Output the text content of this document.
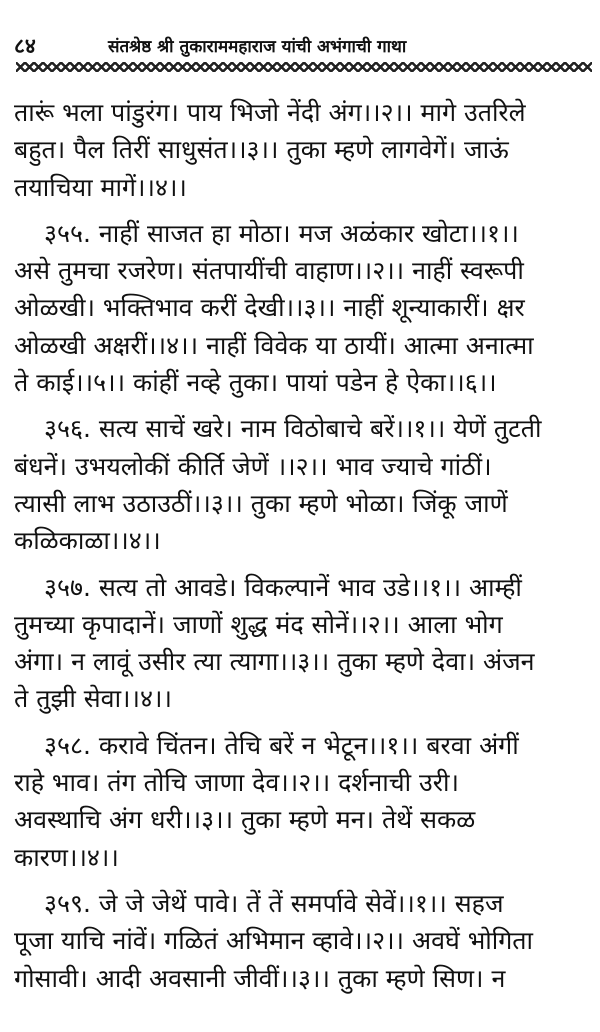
८४	संतश्रेष्ठ श्री तुकाराममहाराज यांची अभंगाची गाथा
तारूं भला पांडुरंग। पाय भिजो नेंदी अंग।।२।। मागे उतरिले
बहुत। पैल तिरीं साधुसंत।।३।। तुका म्हणे लागवेगें। जाऊं
तयाचिया मागें।।४।।
३५५. नाहीं साजत हा मोठा। मज अळंकार खोटा।।१।।
असे तुमचा रजरेण। संतपायींची वाहाण।।२।। नाहीं स्वरूपी
ओळखी। भक्तिभाव करीं देखी।।३।। नाहीं शून्याकारीं। क्षर
ओळखी अक्षरीं।।४।। नाहीं विवेक या ठायीं। आत्मा अनात्मा
ते काई।।५।। कांहीं नव्हे तुका। पायां पडेन हे ऐका।।६।।
३५६. सत्य साचें खरे। नाम विठोबाचे बरें।।१।। येणें तुटती
बंधनें। उभयलोकीं कीर्ति जेणें ।।२।। भाव ज्याचे गांठीं।
त्यासी लाभ उठाउठीं।।३।। तुका म्हणे भोळा। जिंकू जाणें
कळिकाळा।।४।।
३५७. सत्य तो आवडे। विकल्पानें भाव उडे।।१।। आम्हीं
तुमच्या कृपादानें। जाणों शुद्ध मंद सोनें।।२।। आला भोग
अंगा। न लावूं उसीर त्या त्यागा।।३।। तुका म्हणे देवा। अंजन
ते तुझी सेवा।।४।।
३५८. करावे चिंतन। तेचि बरें न भेटून।।१।। बरवा अंगीं
राहे भाव। तंग तोचि जाणा देव।।२।। दर्शनाची उरी।
अवस्थाचि अंग धरी।।३।। तुका म्हणे मन। तेथें सकळ
कारण।।४।।
३५९. जे जे जेथें पावे। तें तें समर्पावे सेवें।।१।। सहज
पूजा याचि नांवें। गळितं अभिमान व्हावे।।२।। अवघें भोगिता
गोसावी। आदी अवसानी जीवीं।।३।। तुका म्हणे सिण। न
